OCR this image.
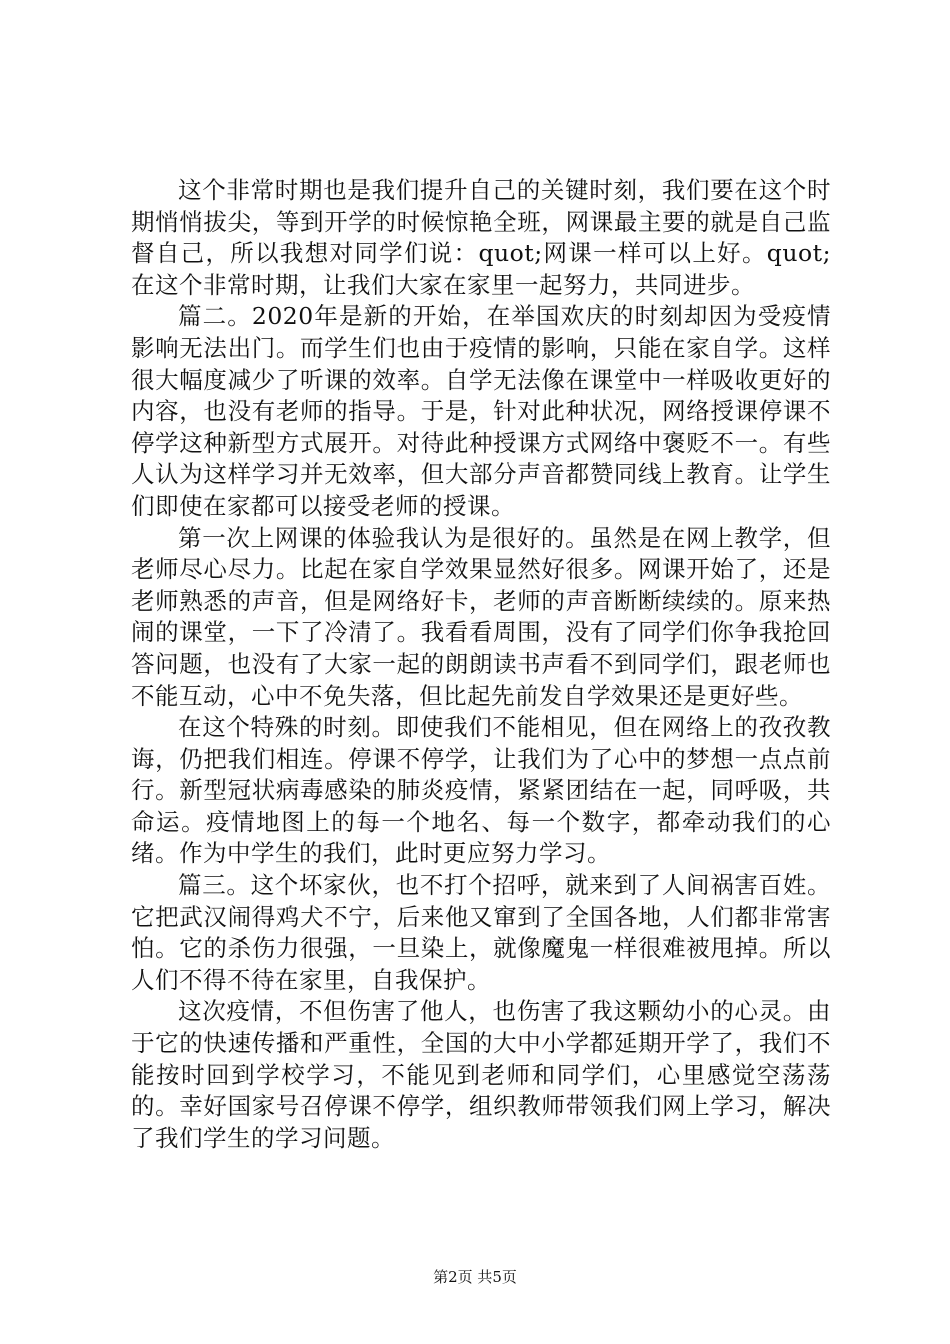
这个非常时期也是我们提升自己的关键时刻，我们要在这个时期悄悄拔尖，等到开学的时候惊艳全班，网课最主要的就是自己监督自己，所以我想对同学们说：quot;网课一样可以上好。quot;在这个非常时期，让我们大家在家里一起努力，共同进步。

篇二。2020年是新的开始，在举国欢庆的时刻却因为受疫情影响无法出门。而学生们也由于疫情的影响，只能在家自学。这样很大幅度减少了听课的效率。自学无法像在课堂中一样吸收更好的内容，也没有老师的指导。于是，针对此种状况，网络授课停课不停学这种新型方式展开。对待此种授课方式网络中褒贬不一。有些人认为这样学习并无效率，但大部分声音都赞同线上教育。让学生们即使在家都可以接受老师的授课。

第一次上网课的体验我认为是很好的。虽然是在网上教学，但老师尽心尽力。比起在家自学效果显然好很多。网课开始了，还是老师熟悉的声音，但是网络好卡，老师的声音断断续续的。原来热闹的课堂，一下了冷清了。我看看周围，没有了同学们你争我抢回答问题，也没有了大家一起的朗朗读书声看不到同学们，跟老师也不能互动，心中不免失落，但比起先前发自学效果还是更好些。

在这个特殊的时刻。即使我们不能相见，但在网络上的孜孜教诲，仍把我们相连。停课不停学，让我们为了心中的梦想一点点前行。新型冠状病毒感染的肺炎疫情，紧紧团结在一起，同呼吸，共命运。疫情地图上的每一个地名、每一个数字，都牵动我们的心绪。作为中学生的我们，此时更应努力学习。

篇三。这个坏家伙，也不打个招呼，就来到了人间祸害百姓。它把武汉闹得鸡犬不宁，后来他又窜到了全国各地，人们都非常害怕。它的杀伤力很强，一旦染上，就像魔鬼一样很难被甩掉。所以人们不得不待在家里，自我保护。

这次疫情，不但伤害了他人，也伤害了我这颗幼小的心灵。由于它的快速传播和严重性，全国的大中小学都延期开学了，我们不能按时回到学校学习，不能见到老师和同学们，心里感觉空荡荡的。幸好国家号召停课不停学，组织教师带领我们网上学习，解决了我们学生的学习问题。

第2页 共5页
